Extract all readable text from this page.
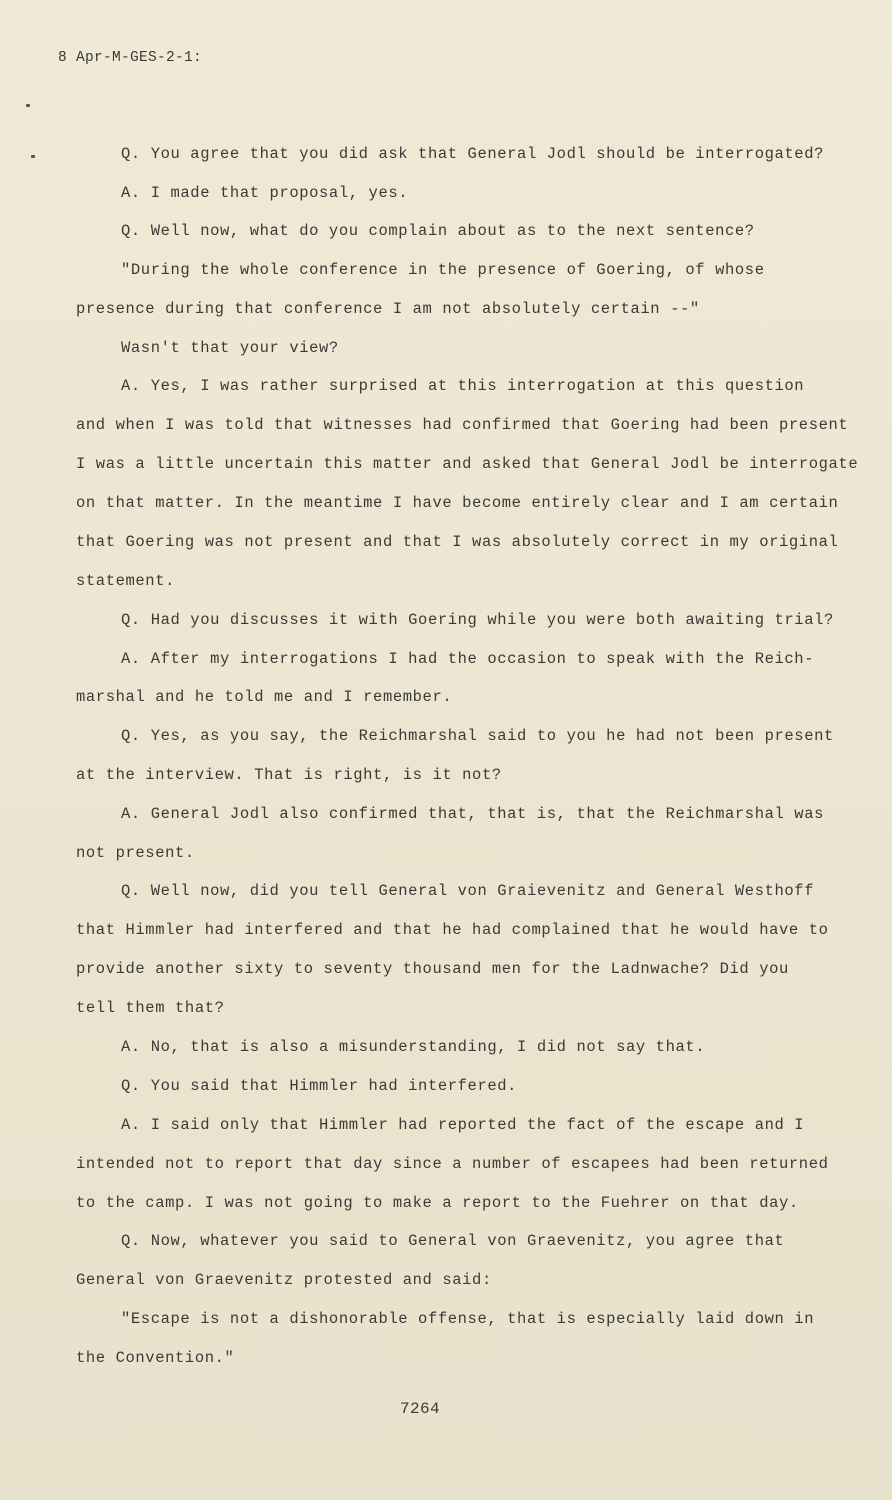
8 Apr-M-GES-2-1:
Q. You agree that you did ask that General Jodl should be interrogated?
A. I made that proposal, yes.
Q. Well now, what do you complain about as to the next sentence?
"During the whole conference in the presence of Goering, of whose
presence during that conference I am not absolutely certain --"
Wasn't that your view?
A. Yes, I was rather surprised at this interrogation at this question
and when I was told that witnesses had confirmed that Goering had been present
I was a little uncertain this matter and asked that General Jodl be interrogate
on that matter. In the meantime I have become entirely clear and I am certain
that Goering was not present and that I was absolutely correct in my original
statement.
Q. Had you discusses it with Goering while you were both awaiting trial?
A. After my interrogations I had the occasion to speak with the Reich-
marshal and he told me and I remember.
Q. Yes, as you say, the Reichmarshal said to you he had not been present
at the interview. That is right, is it not?
A. General Jodl also confirmed that, that is, that the Reichmarshal was
not present.
Q. Well now, did you tell General von Graievenitz and General Westhoff
that Himmler had interfered and that he had complained that he would have to
provide another sixty to seventy thousand men for the Ladnwache? Did you
tell them that?
A. No, that is also a misunderstanding, I did not say that.
Q. You said that Himmler had interfered.
A. I said only that Himmler had reported the fact of the escape and I
intended not to report that day since a number of escapees had been returned
to the camp. I was not going to make a report to the Fuehrer on that day.
Q. Now, whatever you said to General von Graevenitz, you agree that
General von Graevenitz protested and said:
"Escape is not a dishonorable offense, that is especially laid down in
the Convention."
7264
